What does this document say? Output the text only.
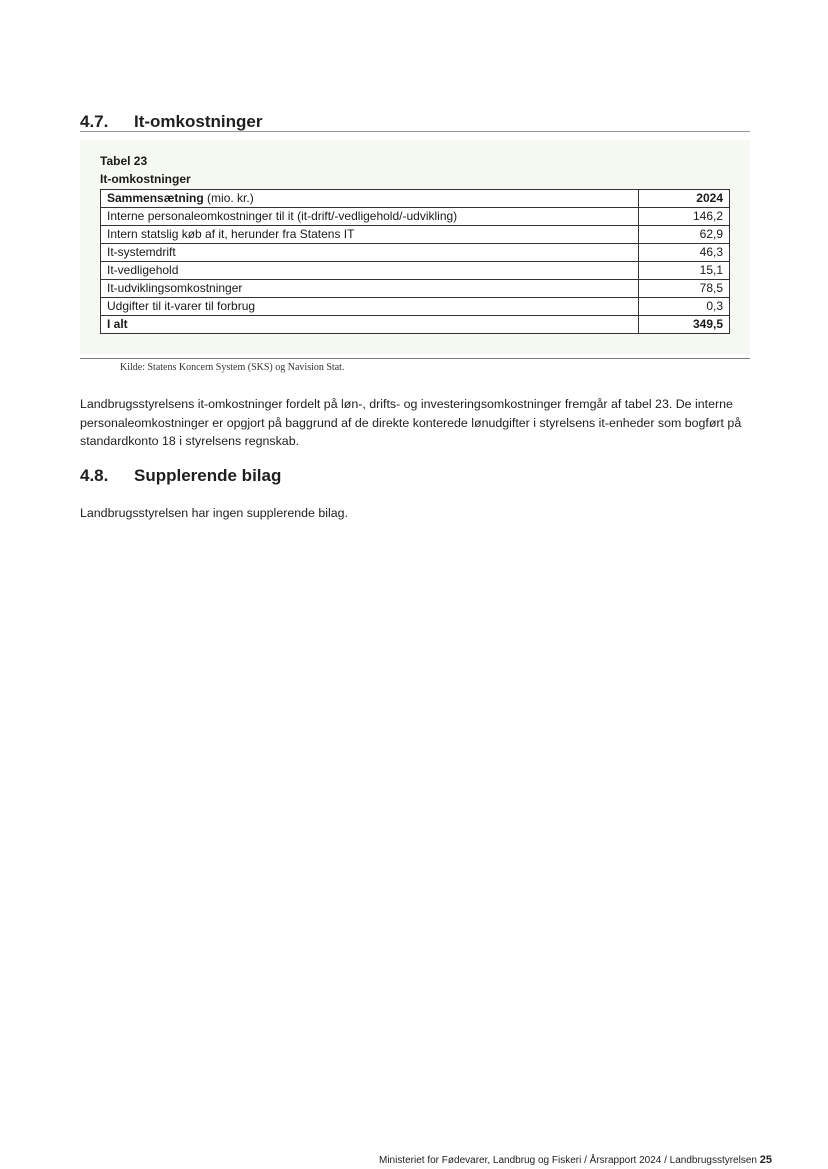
4.7. It-omkostninger
Tabel 23
It-omkostninger
Sammensætning (mio. kr.)	2024
Interne personaleomkostninger til it (it-drift/-vedligehold/-udvikling)	146,2
Intern statslig køb af it, herunder fra Statens IT	62,9
It-systemdrift	46,3
It-vedligehold	15,1
It-udviklingsomkostninger	78,5
Udgifter til it-varer til forbrug	0,3
I alt	349,5
Kilde: Statens Koncern System (SKS) og Navision Stat.
Landbrugsstyrelsens it-omkostninger fordelt på løn-, drifts- og investeringsomkostninger fremgår af tabel 23. De interne personaleomkostninger er opgjort på baggrund af de direkte konterede lønudgifter i styrelsens it-enheder som bogført på standardkonto 18 i styrelsens regnskab.
4.8. Supplerende bilag
Landbrugsstyrelsen har ingen supplerende bilag.
Ministeriet for Fødevarer, Landbrug og Fiskeri / Årsrapport 2024 / Landbrugsstyrelsen 25
